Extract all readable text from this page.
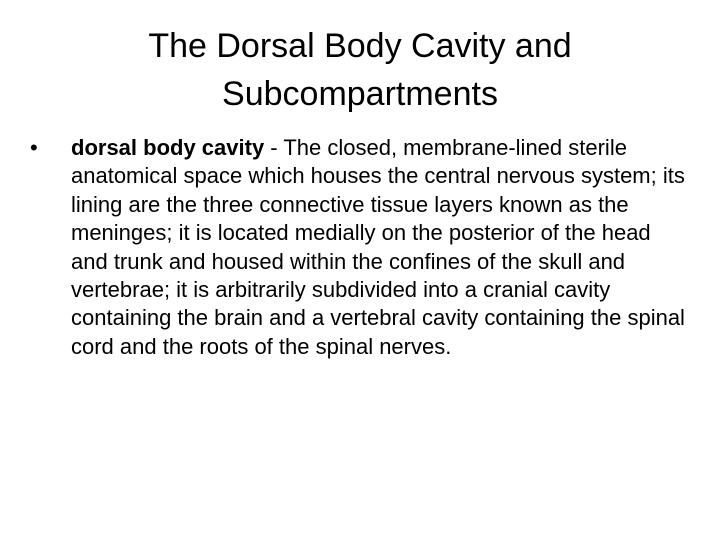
The Dorsal Body Cavity and
Subcompartments
•	dorsal body cavity - The closed, membrane-lined sterile anatomical space which houses the central nervous system; its lining are the three connective tissue layers known as the meninges; it is located medially on the posterior of the head and trunk and housed within the confines of the skull and vertebrae; it is arbitrarily subdivided into a cranial cavity containing the brain and a vertebral cavity containing the spinal cord and the roots of the spinal nerves.
